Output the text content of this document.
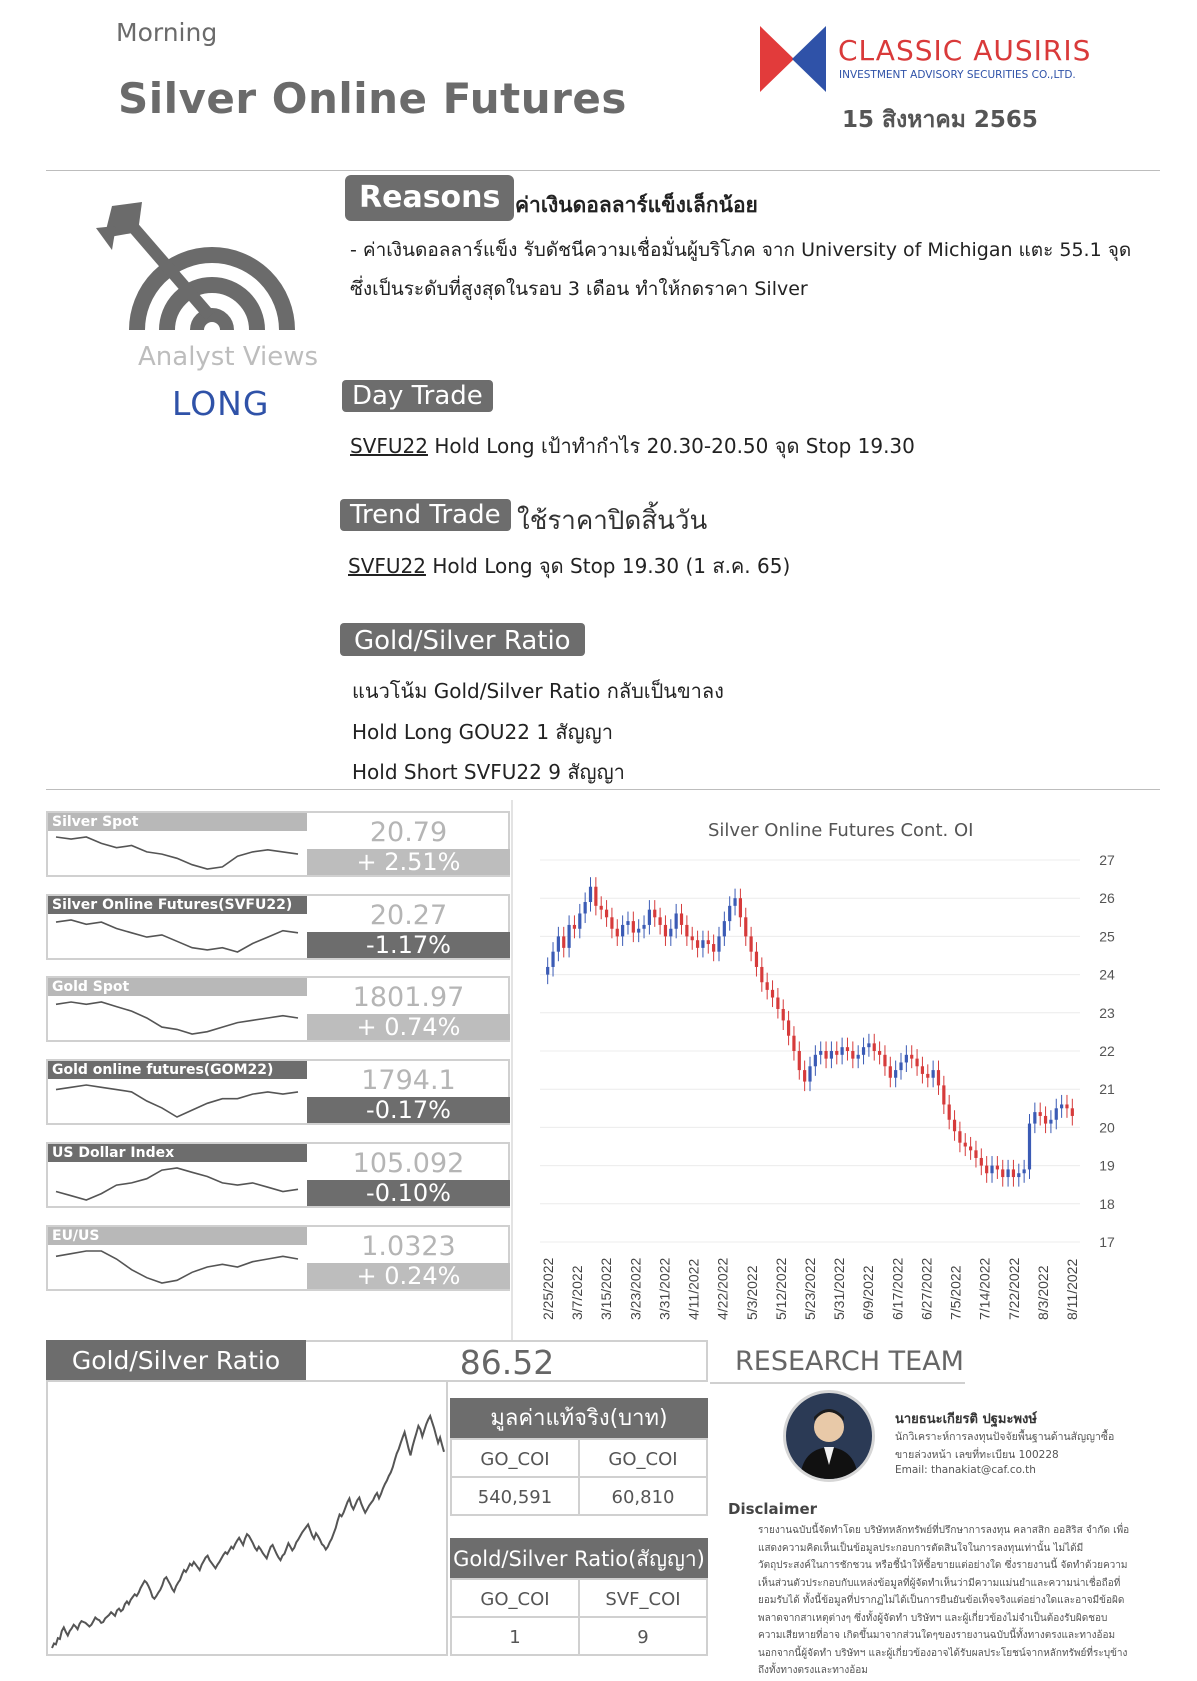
Morning
Silver Online Futures
CLASSIC AUSIRIS
INVESTMENT ADVISORY SECURITIES CO.,LTD.
15 สิงหาคม 2565
Analyst Views
LONG
Reasons ค่าเงินดอลลาร์แข็งเล็กน้อย
- ค่าเงินดอลลาร์แข็ง รับดัชนีความเชื่อมั่นผู้บริโภค จาก University of Michigan แตะ 55.1 จุด
ซึ่งเป็นระดับที่สูงสุดในรอบ 3 เดือน ทำให้กดราคา Silver
Day Trade
SVFU22 Hold Long เป้าทำกำไร 20.30-20.50 จุด Stop 19.30
Trend Trade ใช้ราคาปิดสิ้นวัน
SVFU22 Hold Long จุด Stop 19.30 (1 ส.ค. 65)
Gold/Silver Ratio
แนวโน้ม Gold/Silver Ratio กลับเป็นขาลง
Hold Long GOU22 1 สัญญา
Hold Short SVFU22 9 สัญญา
Silver Spot	20.79
+ 2.51%
Silver Online Futures(SVFU22)	20.27
-1.17%
Gold Spot	1801.97
+ 0.74%
Gold online futures(GOM22)	1794.1
-0.17%
US Dollar Index	105.092
-0.10%
EU/US	1.0323
+ 0.24%
Silver Online Futures Cont. OI
17
18
19
20
21
22
23
24
25
26
27
2/25/2022 3/7/2022 3/15/2022 3/23/2022 3/31/2022 4/11/2022 4/22/2022 5/3/2022 5/12/2022 5/23/2022 5/31/2022 6/9/2022 6/17/2022 6/27/2022 7/5/2022 7/14/2022 7/22/2022 8/3/2022 8/11/2022
Gold/Silver Ratio	86.52
มูลค่าแท้จริง(บาท)
GO_COI	GO_COI
540,591	60,810
Gold/Silver Ratio(สัญญา)
GO_COI	SVF_COI
1	9
RESEARCH TEAM
นายธนะเกียรติ ปฐมะพงษ์
นักวิเคราะห์การลงทุนปัจจัยพื้นฐานด้านสัญญาซื้อ
ขายล่วงหน้า เลขที่ทะเบียน 100228
Email: thanakiat@caf.co.th
Disclaimer
รายงานฉบับนี้จัดทำโดย บริษัทหลักทรัพย์ที่ปรึกษาการลงทุน คลาสสิก ออสิริส จำกัด เพื่อแสดงความคิดเห็นเป็นข้อมูลประกอบการตัดสินใจในการลงทุนเท่านั้น ไม่ได้มีวัตถุประสงค์ในการชักชวน หรือชี้นำให้ซื้อขายแต่อย่างใด ซึ่งรายงานนี้ จัดทำด้วยความเห็นส่วนตัวประกอบกับแหล่งข้อมูลที่ผู้จัดทำเห็นว่ามีความแม่นยำและความน่าเชื่อถือที่ยอมรับได้ ทั้งนี้ข้อมูลที่ปรากฏไม่ได้เป็นการยืนยันข้อเท็จจริงแต่อย่างใดและอาจมีข้อผิดพลาดจากสาเหตุต่างๆ ซึ่งทั้งผู้จัดทำ บริษัทฯ และผู้เกี่ยวข้องไม่จำเป็นต้องรับผิดชอบความเสียหายที่อาจ เกิดขึ้นมาจากส่วนใดๆของรายงานฉบับนี้ทั้งทางตรงและทางอ้อม นอกจากนี้ผู้จัดทำ บริษัทฯ และผู้เกี่ยวข้องอาจได้รับผลประโยชน์จากหลักทรัพย์ที่ระบุข้างถึงทั้งทางตรงและทางอ้อม
